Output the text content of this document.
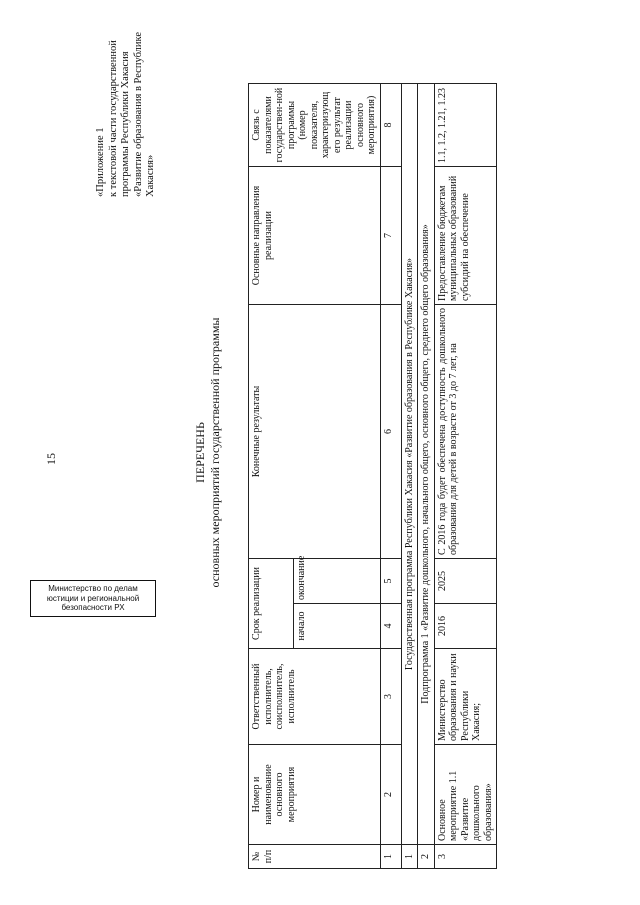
15
«Приложение 1 к текстовой части государственной программы Республики Хакасия «Развитие образования в Республике Хакасия»
ПЕРЕЧЕНЬ основных мероприятий государственной программы
№ п/п	Номер и наименование основного мероприятия	Ответственный исполнитель, соисполнитель, исполнитель	Срок реализации		Конечные результаты	Основные направления реализации	Связь с показателями государствен-ной программы (номер показателя, характеризующ его результат реализации основного мероприятия)
			начало	окончание			
1	2	3	4	5	6	7	8
1	Государственная программа Республики Хакасия «Развитие образования в Республике Хакасия»						
2	Подпрограмма 1 «Развитие дошкольного, начального общего, основного общего, среднего общего образования»						
3	Основное мероприятие 1.1 «Развитие дошкольного образования»	Министерство образования и науки Республики Хакасия;	2016	2025	С 2016 года будет обеспечена доступность дошкольного образования для детей в возрасте от 3 до 7 лет, на	Предоставление бюджетам муниципальных образований субсидий на обеспечение	1.1, 1.2, 1.21, 1.23
Министерство по делам
юстиции и региональной
безопасности РХ
